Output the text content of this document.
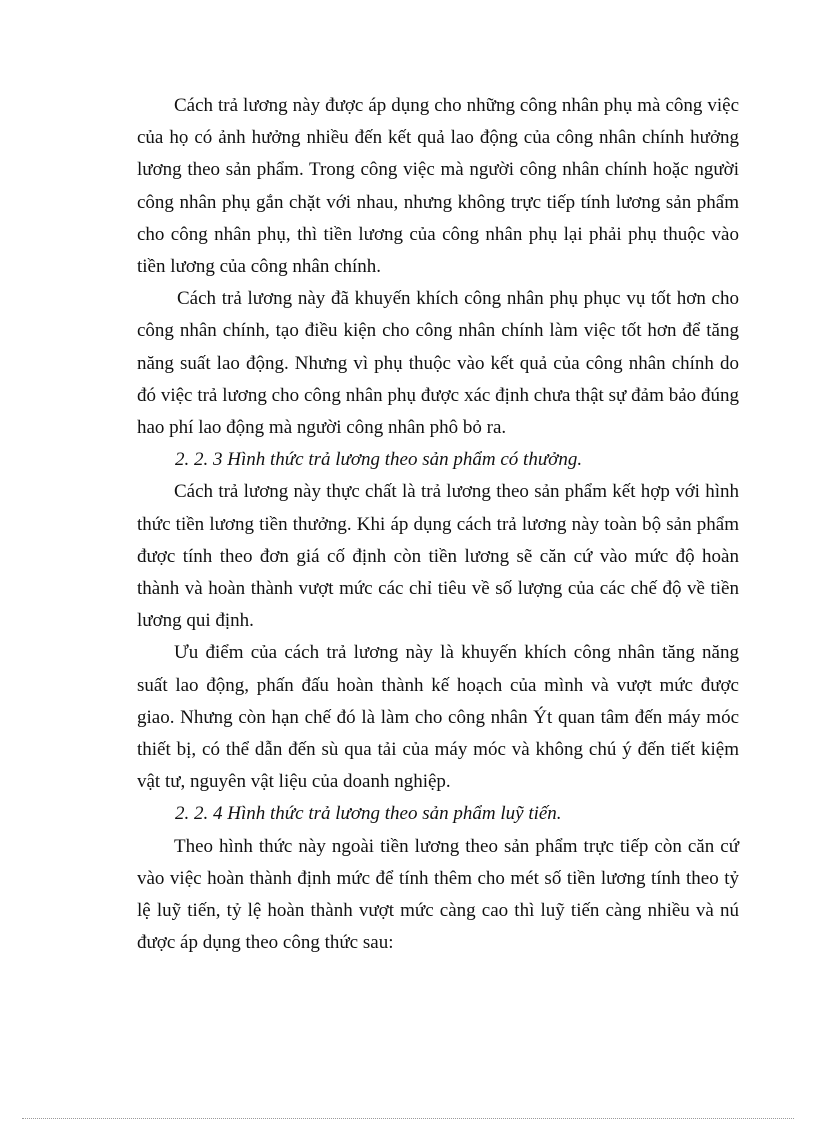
Cách trả lương này được áp dụng cho những công nhân phụ mà công việc của họ có ảnh hưởng nhiều đến kết quả lao động của công nhân chính hưởng lương theo sản phẩm. Trong công việc mà người công nhân chính hoặc người công nhân phụ gắn chặt với nhau, nhưng không trực tiếp tính lương sản phẩm cho công nhân phụ, thì tiền lương của công nhân phụ lại phải phụ thuộc vào tiền lương của công nhân chính.

Cách trả lương này đã khuyến khích công nhân phụ phục vụ tốt hơn cho công nhân chính, tạo điều kiện cho công nhân chính làm việc tốt hơn để tăng năng suất lao động. Nhưng vì phụ thuộc vào kết quả của công nhân chính do đó việc trả lương cho công nhân phụ được xác định chưa thật sự đảm bảo đúng hao phí lao động mà người công nhân phô bỏ ra.

2. 2. 3 Hình thức trả lương theo sản phẩm có thưởng.

Cách trả lương này thực chất là trả lương theo sản phẩm kết hợp với hình thức tiền lương tiền thưởng. Khi áp dụng cách trả lương này toàn bộ sản phẩm được tính theo đơn giá cố định còn tiền lương sẽ căn cứ vào mức độ hoàn thành và hoàn thành vượt mức các chỉ tiêu về số lượng của các chế độ về tiền lương qui định.

Ưu điểm của cách trả lương này là khuyến khích công nhân tăng năng suất lao động, phấn đấu hoàn thành kế hoạch của mình và vượt mức được giao. Nhưng còn hạn chế đó là làm cho công nhân Ýt quan tâm đến máy móc thiết bị, có thể dẫn đến sù qua tải của máy móc và không chú ý đến tiết kiệm vật tư, nguyên vật liệu của doanh nghiệp.

2. 2. 4 Hình thức trả lương theo sản phẩm luỹ tiến.

Theo hình thức này ngoài tiền lương theo sản phẩm trực tiếp còn căn cứ vào việc hoàn thành định mức để tính thêm cho mét số tiền lương tính theo tỷ lệ luỹ tiến, tỷ lệ hoàn thành vượt mức càng cao thì luỹ tiến càng nhiều và nú được áp dụng theo công thức sau:
